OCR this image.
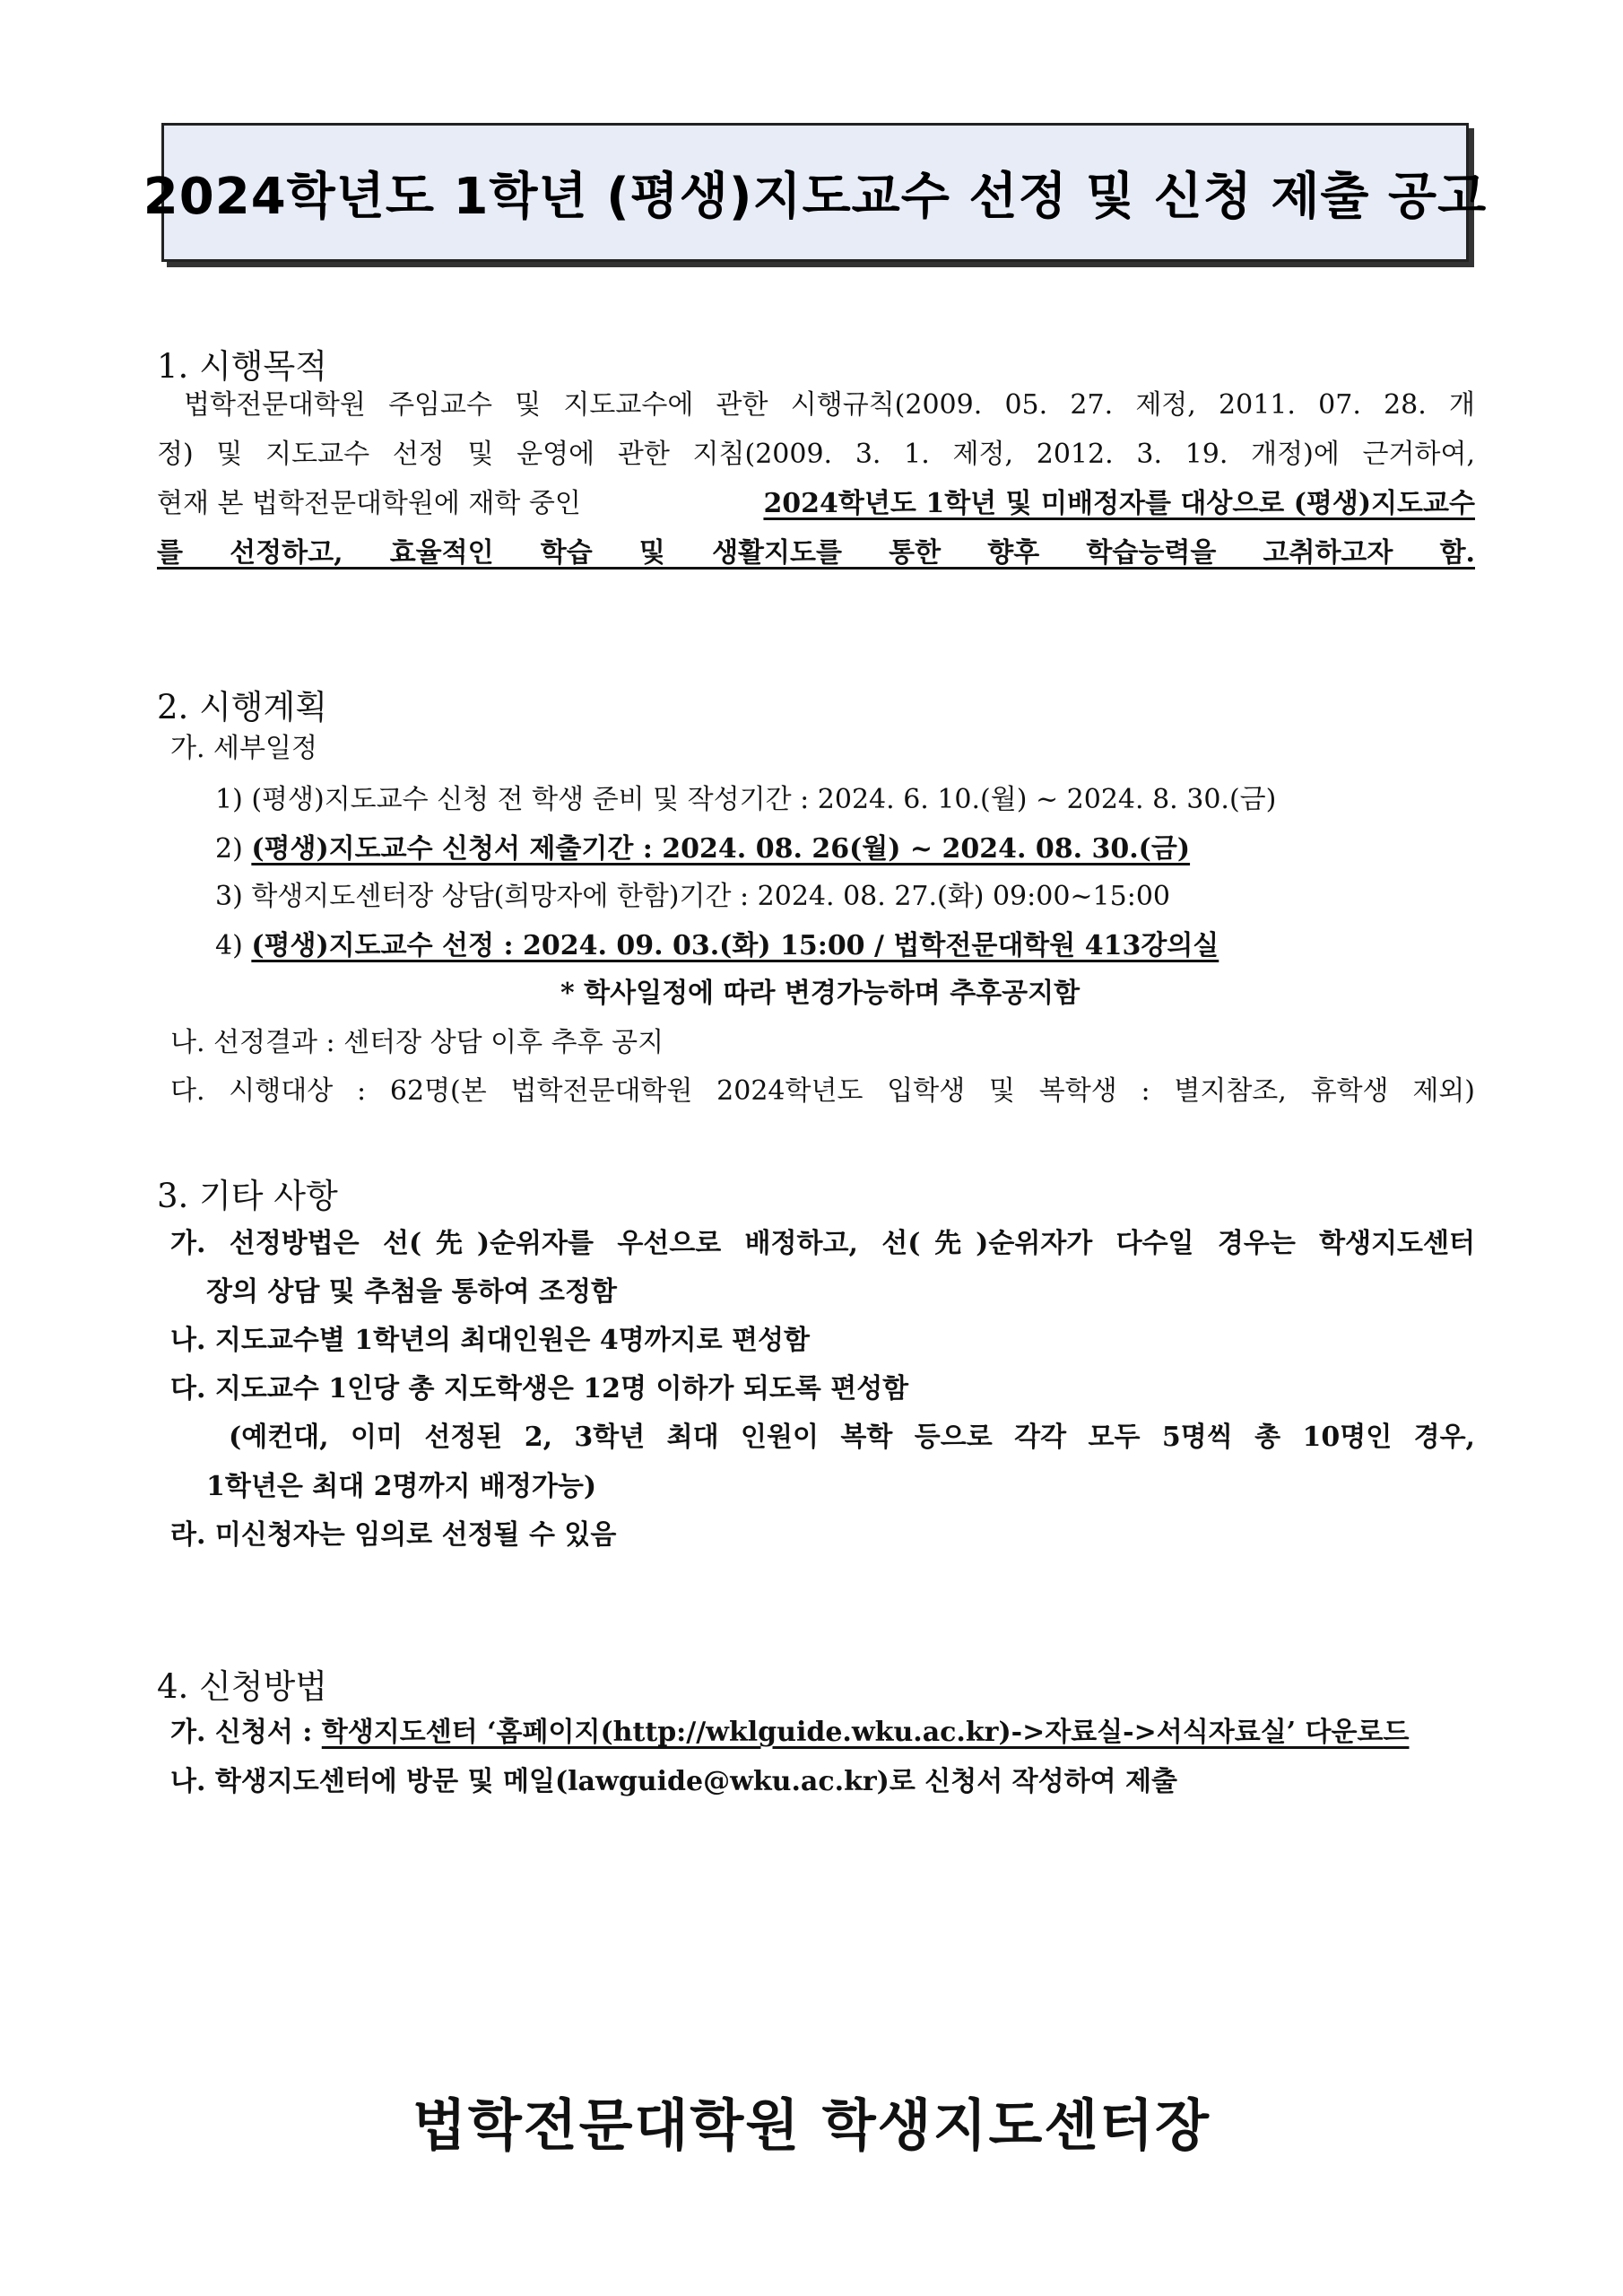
2024학년도 1학년 (평생)지도교수 선정 및 신청 제출 공고
1. 시행목적
법학전문대학원 주임교수 및 지도교수에 관한 시행규칙(2009. 05. 27. 제정, 2011. 07. 28. 개
정) 및 지도교수 선정 및 운영에 관한 지침(2009. 3. 1. 제정, 2012. 3. 19. 개정)에 근거하여,
현재 본 법학전문대학원에 재학 중인	2024학년도 1학년 및 미배정자를 대상으로 (평생)지도교수
를 선정하고, 효율적인 학습 및 생활지도를 통한 향후 학습능력을 고취하고자 함.
2. 시행계획
가. 세부일정
1) (평생)지도교수 신청 전 학생 준비 및 작성기간 : 2024. 6. 10.(월) ~ 2024. 8. 30.(금)
2) (평생)지도교수 신청서 제출기간 : 2024. 08. 26(월) ~ 2024. 08. 30.(금)
3) 학생지도센터장 상담(희망자에 한함)기간 : 2024. 08. 27.(화) 09:00~15:00
4) (평생)지도교수 선정 : 2024. 09. 03.(화) 15:00 / 법학전문대학원 413강의실
* 학사일정에 따라 변경가능하며 추후공지함
나. 선정결과 : 센터장 상담 이후 추후 공지
다. 시행대상 : 62명(본 법학전문대학원 2024학년도 입학생 및 복학생 : 별지참조, 휴학생 제외)
3. 기타 사항
가. 선정방법은 선(先)순위자를 우선으로 배정하고, 선(先)순위자가 다수일 경우는 학생지도센터
장의 상담 및 추첨을 통하여 조정함
나. 지도교수별 1학년의 최대인원은 4명까지로 편성함
다. 지도교수 1인당 총 지도학생은 12명 이하가 되도록 편성함
(예컨대, 이미 선정된 2, 3학년 최대 인원이 복학 등으로 각각 모두 5명씩 총 10명인 경우,
1학년은 최대 2명까지 배정가능)
라. 미신청자는 임의로 선정될 수 있음
4. 신청방법
가. 신청서 : 학생지도센터 ‘홈페이지(http://wklguide.wku.ac.kr)->자료실->서식자료실’ 다운로드
나. 학생지도센터에 방문 및 메일(lawguide@wku.ac.kr)로 신청서 작성하여 제출
법학전문대학원 학생지도센터장
